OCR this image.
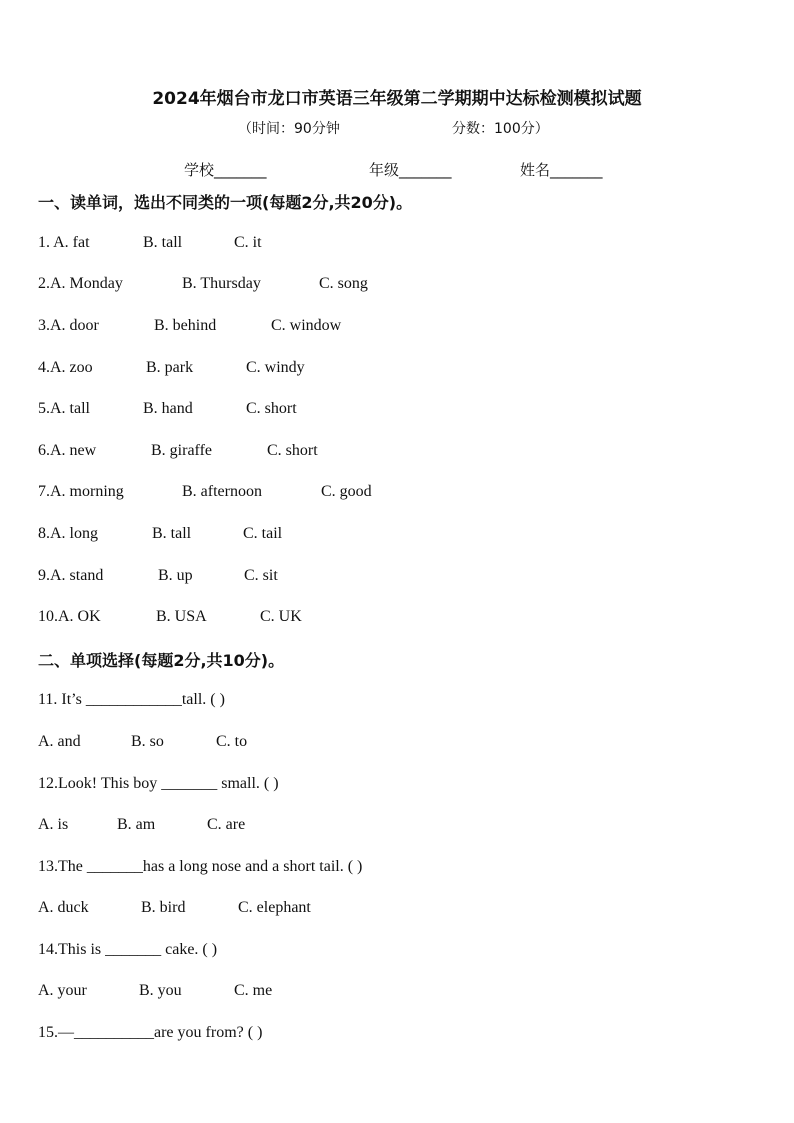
2024年烟台市龙口市英语三年级第二学期期中达标检测模拟试题
（时间：90分钟	分数：100分）
学校_______	年级_______	姓名_______
一、读单词，选出不同类的一项(每题2分,共20分)。
1. A. fat	B. tall	C. it
2.A. Monday	B. Thursday	C. song
3.A. door	B. behind	C. window
4.A. zoo	B. park	C. windy
5.A. tall	B. hand	C. short
6.A. new	B. giraffe	C. short
7.A. morning	B. afternoon	C. good
8.A. long	B. tall	C. tail
9.A. stand	B. up	C. sit
10.A. OK	B. USA	C. UK
二、单项选择(每题2分,共10分)。
11. It’s ____________tall. ( )
A. and	B. so	C. to
12.Look! This boy _______ small. ( )
A. is	B. am	C. are
13.The _______has a long nose and a short tail. ( )
A. duck	B. bird	C. elephant
14.This is _______ cake. ( )
A. your	B. you	C. me
15.—__________are you from? ( )
